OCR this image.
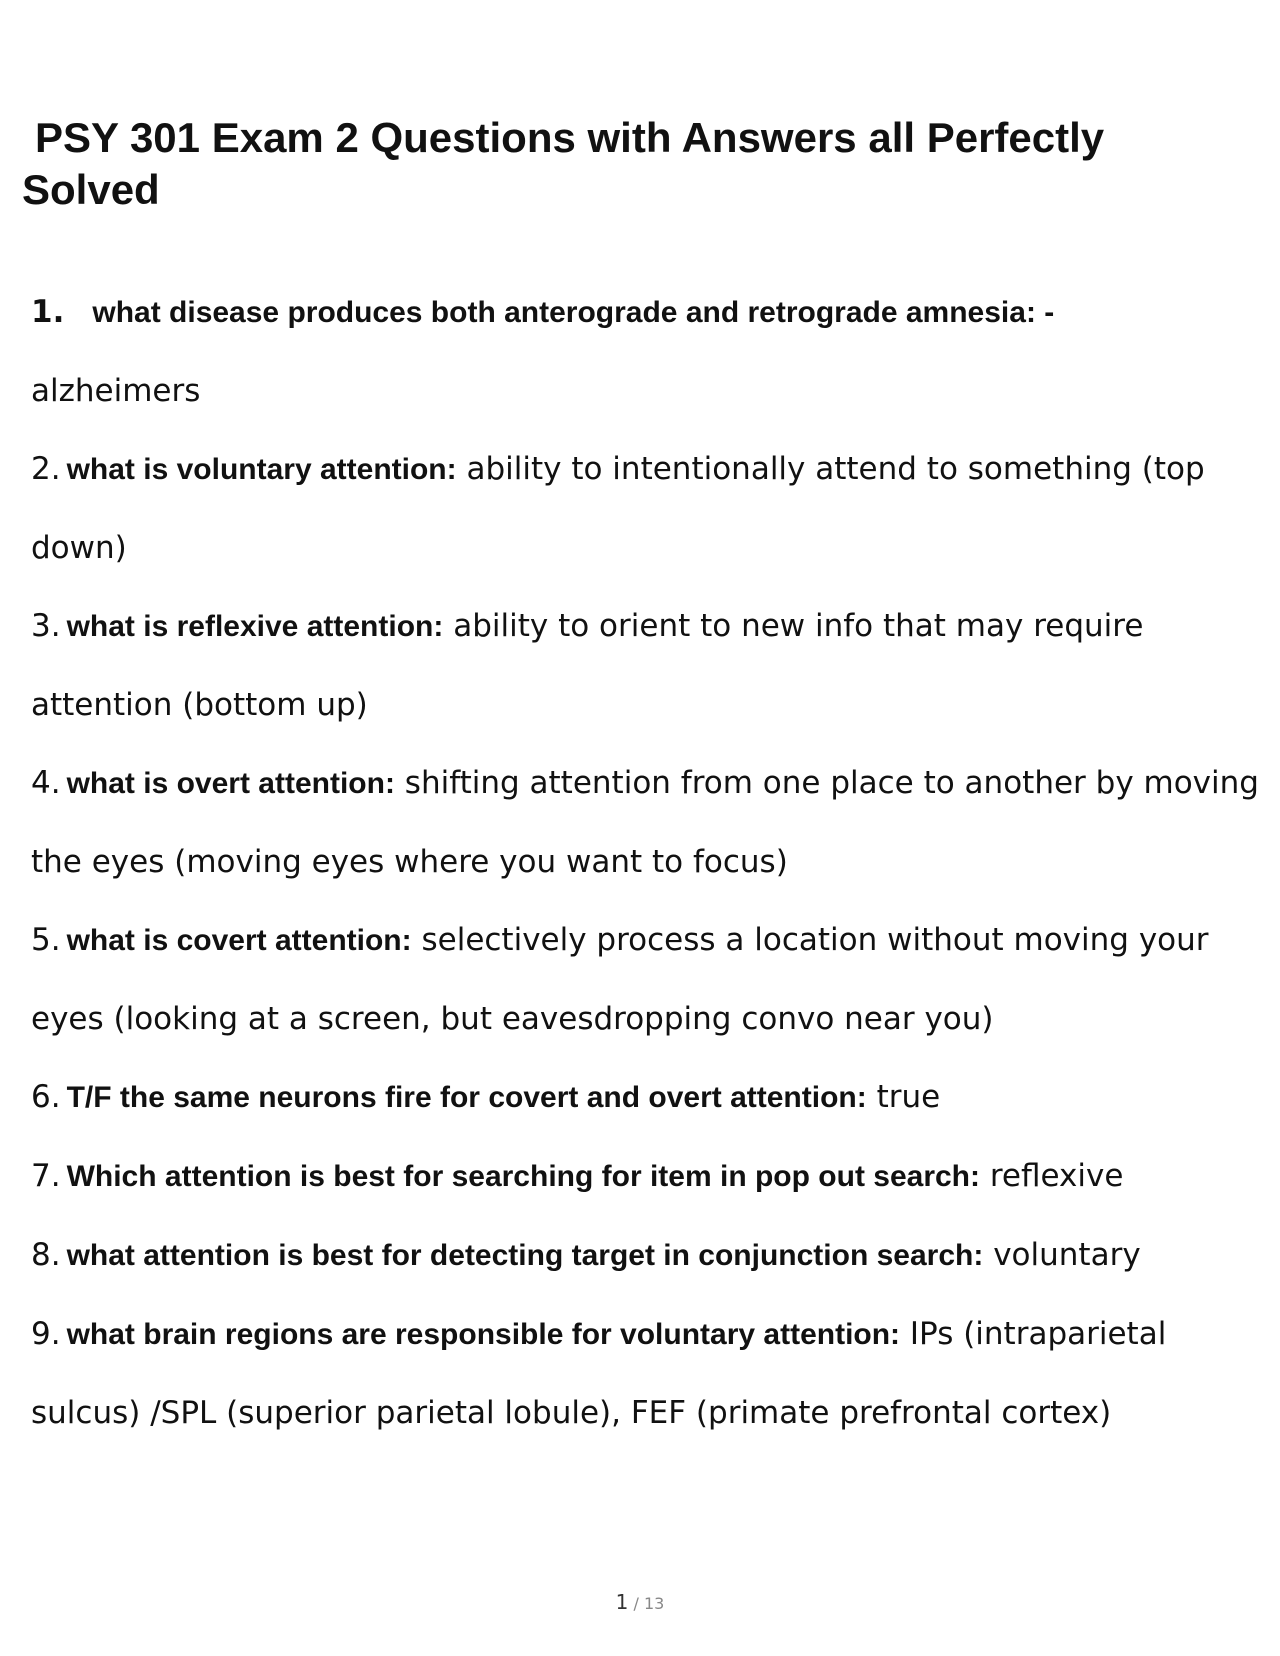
PSY 301 Exam 2 Questions with Answers all Perfectly Solved
1. what disease produces both anterograde and retrograde amnesia: -
alzheimers
2. what is voluntary attention: ability to intentionally attend to something (top down)
3. what is reflexive attention: ability to orient to new info that may require attention (bottom up)
4. what is overt attention: shifting attention from one place to another by moving the eyes (moving eyes where you want to focus)
5. what is covert attention: selectively process a location without moving your eyes (looking at a screen, but eavesdropping convo near you)
6. T/F the same neurons fire for covert and overt attention: true
7. Which attention is best for searching for item in pop out search: reflexive
8. what attention is best for detecting target in conjunction search: voluntary
9. what brain regions are responsible for voluntary attention: IPs (intraparietal sulcus) /SPL (superior parietal lobule), FEF (primate prefrontal cortex)
1 / 13
